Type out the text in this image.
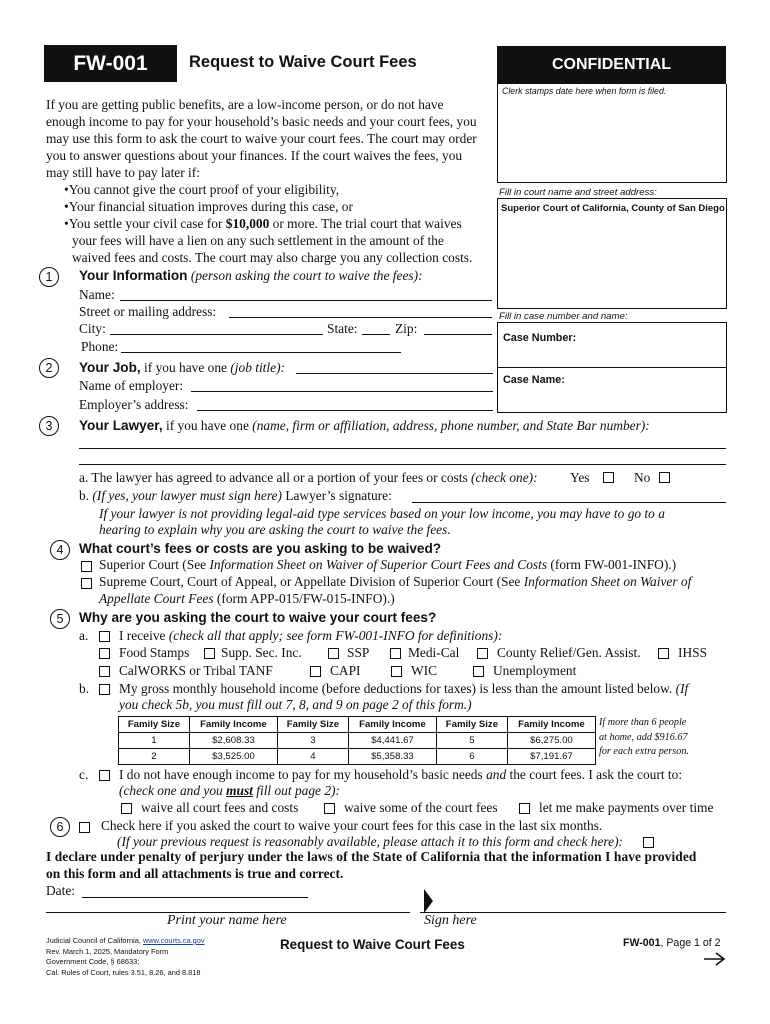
FW-001	Request to Waive Court Fees	CONFIDENTIAL
Clerk stamps date here when form is filed.
If you are getting public benefits, are a low-income person, or do not have
enough income to pay for your household’s basic needs and your court fees, you
may use this form to ask the court to waive your court fees. The court may order
you to answer questions about your finances. If the court waives the fees, you
may still have to pay later if:
•You cannot give the court proof of your eligibility,
•Your financial situation improves during this case, or
•You settle your civil case for $10,000 or more. The trial court that waives
your fees will have a lien on any such settlement in the amount of the
waived fees and costs. The court may also charge you any collection costs.
Fill in court name and street address:
Superior Court of California, County of San Diego
Fill in case number and name:
Case Number:
Case Name:
1	Your Information (person asking the court to waive the fees):
Name:
Street or mailing address:
City:	State:	Zip:
Phone:
2	Your Job, if you have one (job title):
Name of employer:
Employer’s address:
3	Your Lawyer, if you have one (name, firm or affiliation, address, phone number, and State Bar number):
a. The lawyer has agreed to advance all or a portion of your fees or costs (check one): Yes	No
b. (If yes, your lawyer must sign here) Lawyer’s signature:
If your lawyer is not providing legal-aid type services based on your low income, you may have to go to a
hearing to explain why you are asking the court to waive the fees.
4	What court’s fees or costs are you asking to be waived?
Superior Court (See Information Sheet on Waiver of Superior Court Fees and Costs (form FW-001-INFO).)
Supreme Court, Court of Appeal, or Appellate Division of Superior Court (See Information Sheet on Waiver of
Appellate Court Fees (form APP-015/FW-015-INFO).)
5	Why are you asking the court to waive your court fees?
a. I receive (check all that apply; see form FW-001-INFO for definitions):
Food Stamps Supp. Sec. Inc.	SSP	Medi-Cal	County Relief/Gen. Assist.	IHSS
CalWORKS or Tribal TANF	CAPI	WIC	Unemployment
b. My gross monthly household income (before deductions for taxes) is less than the amount listed below. (If
you check 5b, you must fill out 7, 8, and 9 on page 2 of this form.)
Family Size	Family Income	Family Size	Family Income	Family Size	Family Income
1	$2,608.33	3	$4,441.67	5	$6,275.00
2	$3,525.00	4	$5,358.33	6	$7,191.67
If more than 6 people
at home, add $916.67
for each extra person.
c. I do not have enough income to pay for my household’s basic needs and the court fees. I ask the court to:
(check one and you must fill out page 2):
waive all court fees and costs	waive some of the court fees	let me make payments over time
6	Check here if you asked the court to waive your court fees for this case in the last six months.
(If your previous request is reasonably available, please attach it to this form and check here):
I declare under penalty of perjury under the laws of the State of California that the information I have provided
on this form and all attachments is true and correct.
Date:
Print your name here	Sign here
Judicial Council of California, www.courts.ca.gov
Rev. March 1, 2025, Mandatory Form
Government Code, § 68633;
Cal. Rules of Court, rules 3.51, 8.26, and 8.818
Request to Waive Court Fees	FW-001, Page 1 of 2
